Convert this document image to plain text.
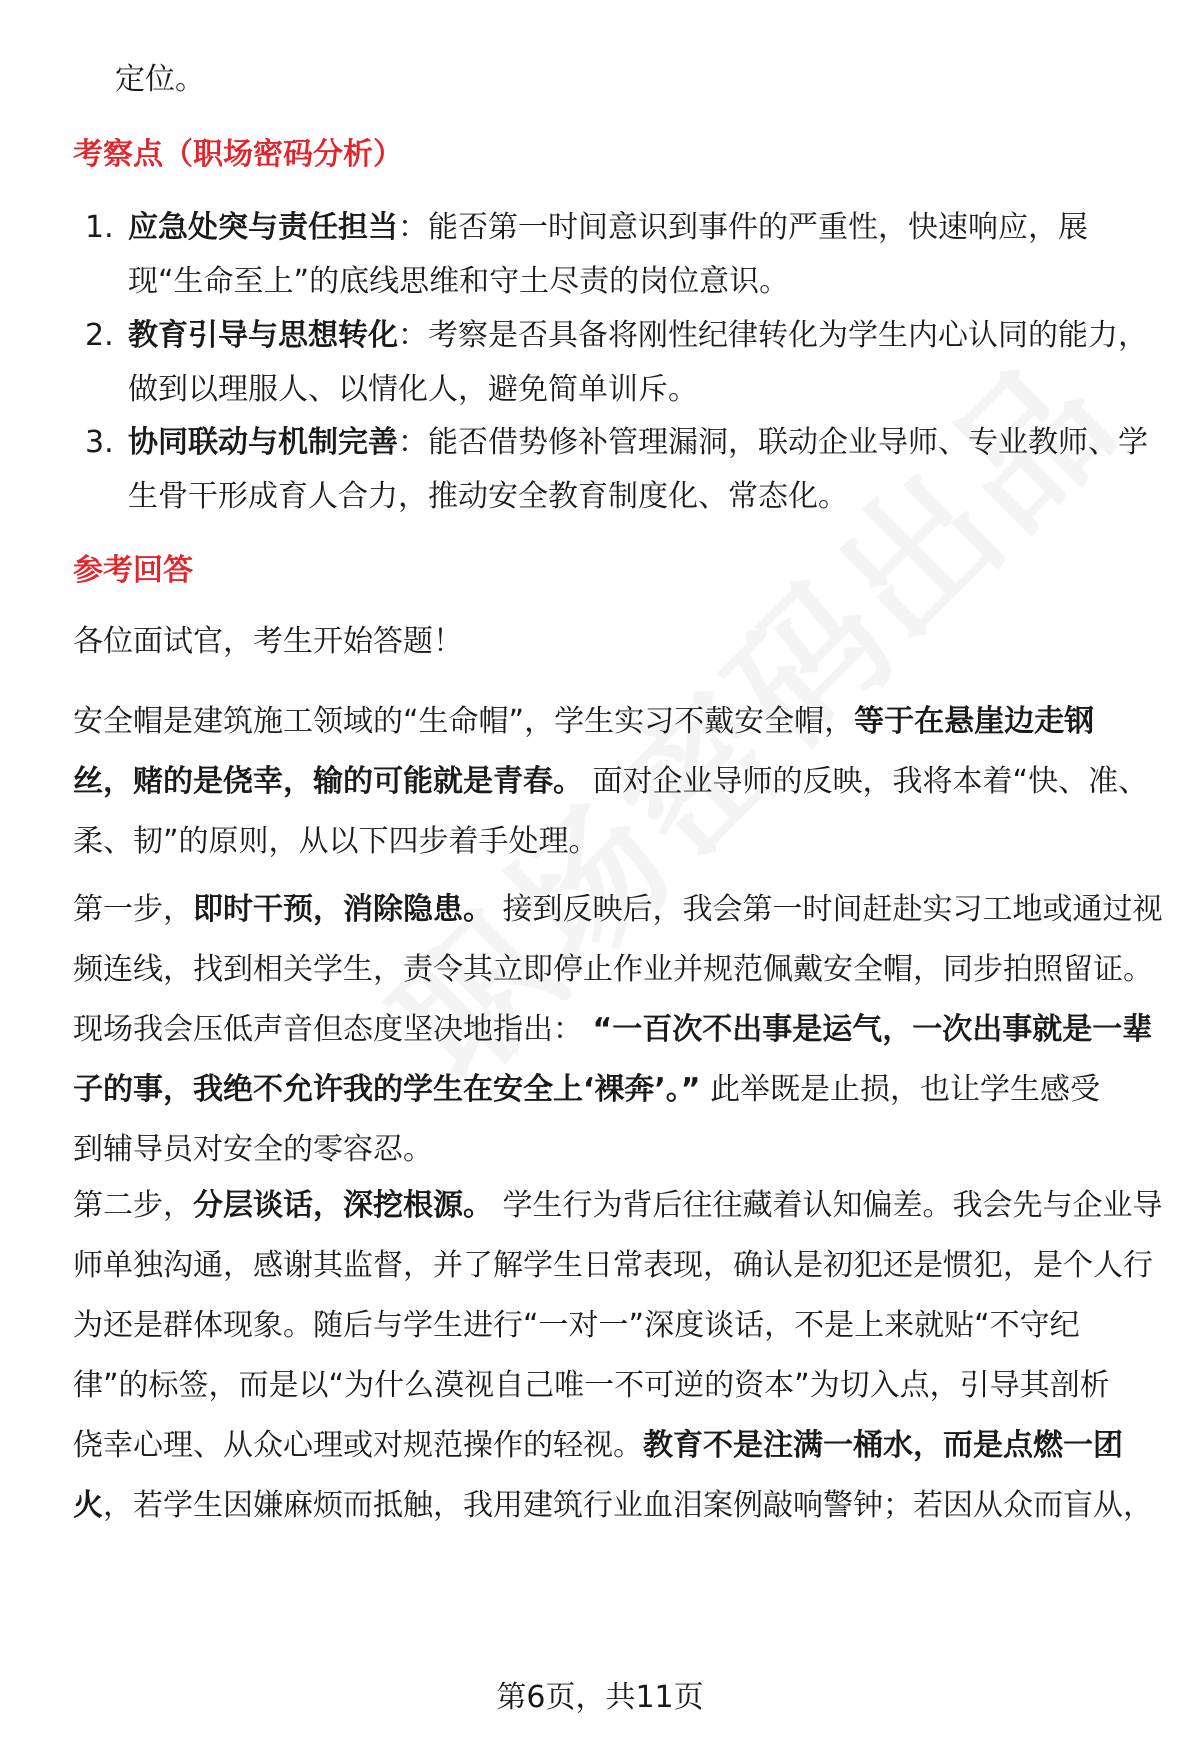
定位。
考察点（职场密码分析）
1. 应急处突与责任担当：能否第一时间意识到事件的严重性，快速响应，展
现“生命至上”的底线思维和守土尽责的岗位意识。
2. 教育引导与思想转化：考察是否具备将刚性纪律转化为学生内心认同的能力，
做到以理服人、以情化人，避免简单训斥。
3. 协同联动与机制完善：能否借势修补管理漏洞，联动企业导师、专业教师、学
生骨干形成育人合力，推动安全教育制度化、常态化。
参考回答
各位面试官，考生开始答题！
安全帽是建筑施工领域的“生命帽”，学生实习不戴安全帽，等于在悬崖边走钢
丝，赌的是侥幸，输的可能就是青春。 面对企业导师的反映，我将本着“快、准、
柔、韧”的原则，从以下四步着手处理。
第一步，即时干预，消除隐患。 接到反映后，我会第一时间赶赴实习工地或通过视
频连线，找到相关学生，责令其立即停止作业并规范佩戴安全帽，同步拍照留证。
现场我会压低声音但态度坚决地指出： “一百次不出事是运气，一次出事就是一辈
子的事，我绝不允许我的学生在安全上‘裸奔’。” 此举既是止损，也让学生感受
到辅导员对安全的零容忍。
第二步，分层谈话，深挖根源。 学生行为背后往往藏着认知偏差。我会先与企业导
师单独沟通，感谢其监督，并了解学生日常表现，确认是初犯还是惯犯，是个人行
为还是群体现象。随后与学生进行“一对一”深度谈话，不是上来就贴“不守纪
律”的标签，而是以“为什么漠视自己唯一不可逆的资本”为切入点，引导其剖析
侥幸心理、从众心理或对规范操作的轻视。教育不是注满一桶水，而是点燃一团
火，若学生因嫌麻烦而抵触，我用建筑行业血泪案例敲响警钟；若因从众而盲从，
第6页，共11页
